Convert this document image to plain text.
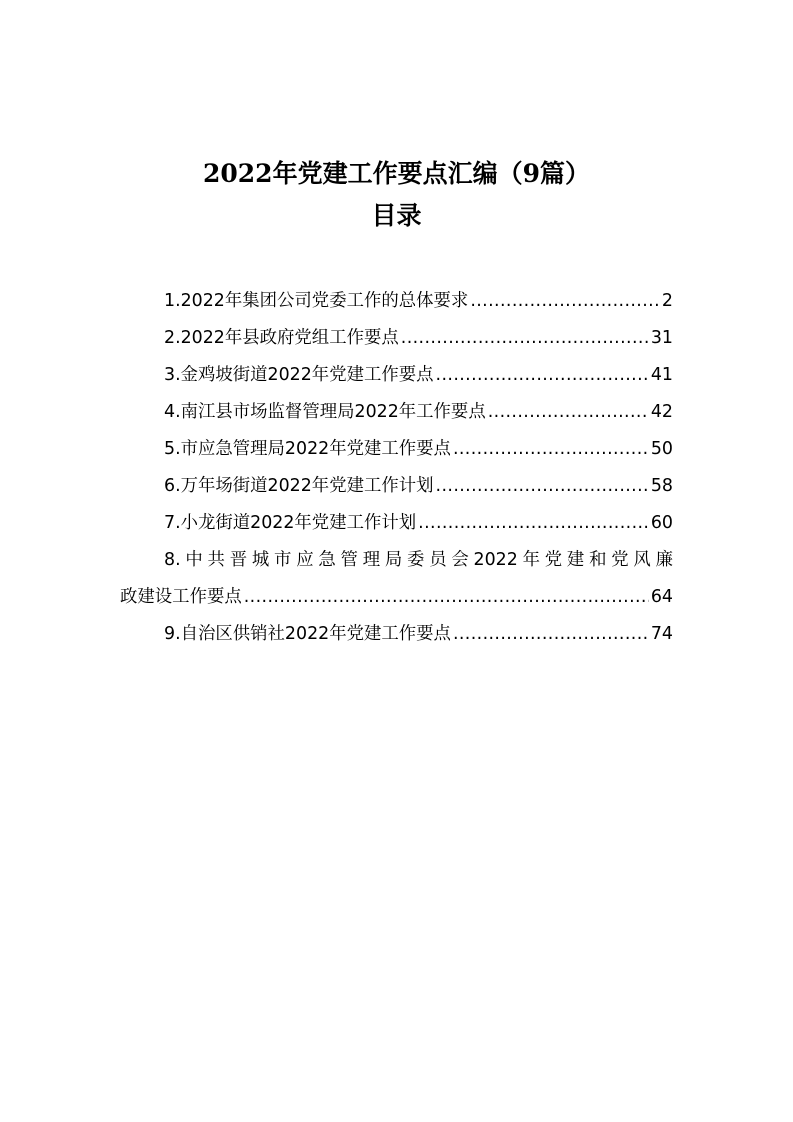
2022年党建工作要点汇编（9篇）
目录
1.2022年集团公司党委工作的总体要求 .....	2
2.2022年县政府党组工作要点 .....	31
3.金鸡坡街道2022年党建工作要点 .....	41
4.南江县市场监督管理局2022年工作要点 .....	42
5.市应急管理局2022年党建工作要点 .....	50
6.万年场街道2022年党建工作计划 .....	58
7.小龙街道2022年党建工作计划 .....	60
8.中共晋城市应急管理局委员会2022年党建和党风廉
政建设工作要点 .....	64
9.自治区供销社2022年党建工作要点 .....	74
